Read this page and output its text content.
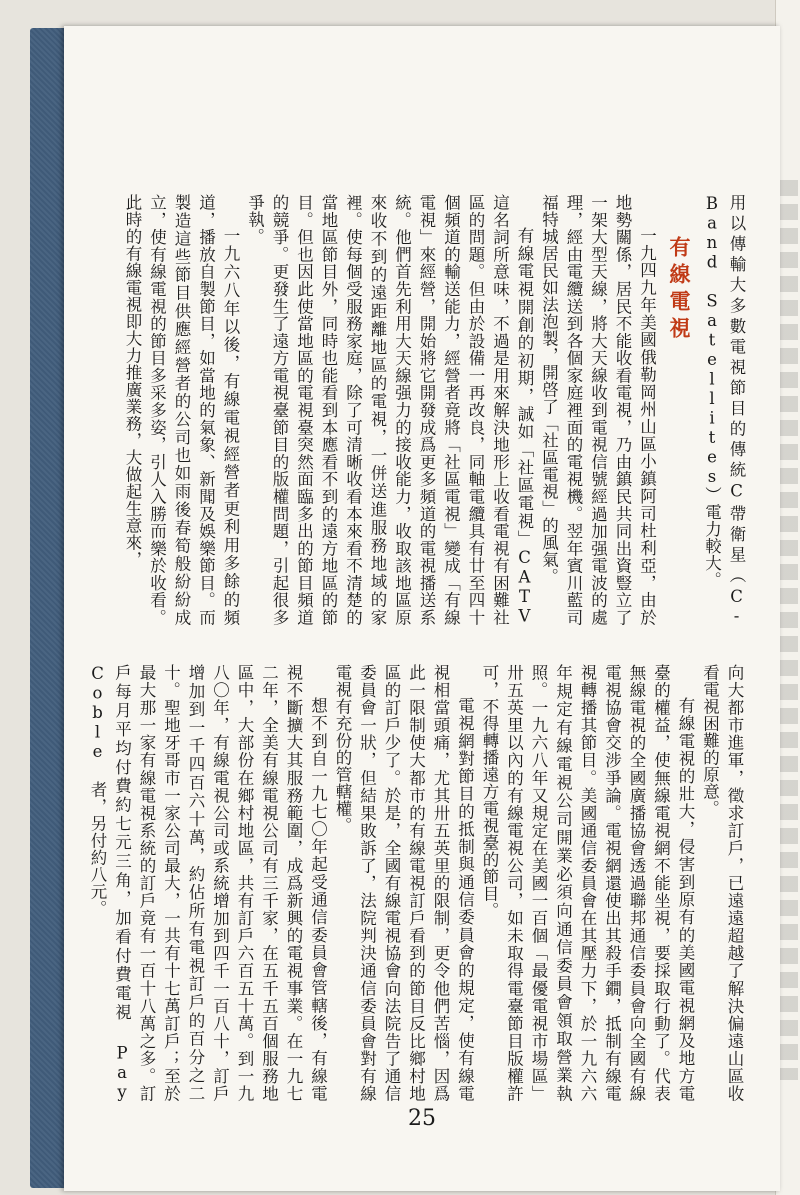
用以傳輸大多數電視節目的傳統C帶衛星（C-Band Satellites）電力較大。

有線電視

一九四九年美國俄勒岡州山區小鎮阿司杜利亞，由於地勢關係，居民不能收看電視，乃由鎮民共同出資豎立了一架大型天線，將大天線收到電視信號經過加强電波的處理，經由電纜送到各個家庭裡面的電視機。翌年賓川藍司福特城居民如法泡製，開啓了「社區電視」的風氣。

有線電視開創的初期，誠如「社區電視」CATV這名詞所意味，不過是用來解決地形上收看電視有困難社區的問題。但由於設備一再改良，同軸電纜具有廿至四十個頻道的輸送能力，經營者竟將「社區電視」變成「有線電視」來經營，開始將它開發成爲更多頻道的電視播送系統。他們首先利用大天線强力的接收能力，收取該地區原來收不到的遠距離地區的電視，一併送進服務地域的家裡。使每個受服務家庭，除了可清晰收看本來看不清楚的當地區節目外，同時也能看到本應看不到的遠方地區的節目。但也因此使當地區的電視臺突然面臨多出的節目頻道的競爭。更發生了遠方電視臺節目的版權問題，引起很多爭執。

一九六八年以後，有線電視經營者更利用多餘的頻道，播放自製節目，如當地的氣象、新聞及娛樂節目。而製造這些節目供應經營者的公司也如雨後春筍般紛紛成立，使有線電視的節目多采多姿，引人入勝而樂於收看。此時的有線電視即大力推廣業務，大做起生意來，

向大都市進軍，徵求訂戶，已遠遠超越了解決偏遠山區收看電視困難的原意。

有線電視的壯大，侵害到原有的美國電視網及地方電臺的權益，使無線電視網不能坐視，要採取行動了。代表無線電視的全國廣播協會透過聯邦通信委員會向全國有線電視協會交涉爭論。電視網還使出其殺手鐗，抵制有線電視轉播其節目。美國通信委員會在其壓力下，於一九六六年規定有線電視公司開業必須向通信委員會領取營業執照。一九六八年又規定在美國一百個「最優電視市場區」卅五英里以內的有線電視公司，如未取得電臺節目版權許可，不得轉播遠方電視臺的節目。

電視網對節目的抵制與通信委員會的規定，使有線電視相當頭痛，尤其卅五英里的限制，更令他們苦惱，因爲此一限制使大都市的有線電視訂戶看到的節目反比鄉村地區的訂戶少了。於是，全國有線電視協會向法院告了通信委員會一狀，但結果敗訴了，法院判決通信委員會對有線電視有充份的管轄權。

想不到自一九七〇年起受通信委員會管轄後，有線電視不斷擴大其服務範圍，成爲新興的電視事業。在一九七二年，全美有線電視公司有三千家，在五千五百個服務地區中，大部份在鄉村地區，共有訂戶六百五十萬。到一九八〇年，有線電視公司或系統增加到四千一百八十，訂戶增加到一千四百六十萬，約佔所有電視訂戶的百分之二十。聖地牙哥市一家公司最大，一共有十七萬訂戶；至於最大那一家有線電視系統的訂戶竟有一百十八萬之多。訂戶每月平均付費約七元三角，加看付費電視 Pay Coble 者，另付約八元。

25
